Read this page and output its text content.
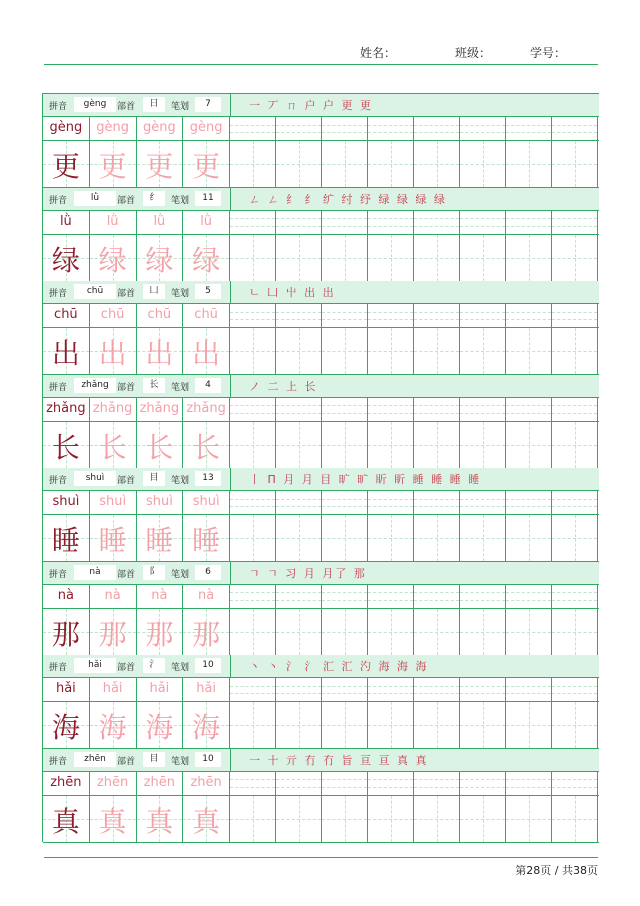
姓名：	班级：	学号：
拼音	gèng	部首	日	笔划	7	一 丆 ㄇ 户 户 更 更
gèng	gèng	gèng	gèng
更 更 更 更
拼音	lǜ	部首	纟	笔划	11	ㄥ ㄥ 纟 纟 纩 纣 纾 绿 绿 绿 绿
lǜ	lǜ	lǜ	lǜ
绿 绿 绿 绿
拼音	chū	部首	凵	笔划	5	ㄴ 凵 屮 出 出
chū	chū	chū	chū
出 出 出 出
拼音	zhǎng 部首	长	笔划	4	ノ 二 上 长
zhǎng zhǎng zhǎng zhǎng
长 长 长 长
拼音	shuì	部首	目	笔划	13	丨 П 月 月 目 旷 旷 盺 盺 睡 睡 睡 睡
shuì	shuì	shuì	shuì
睡 睡 睡 睡
拼音	nà	部首	阝	笔划	6	ㄱ ㄱ 习 月 月了 那
nà	nà	nà	nà
那 那 那 那
拼音	hǎi	部首	氵	笔划	10	丶 丶 氵 氵 汇 汇 汋 海 海 海
hǎi	hǎi	hǎi	hǎi
海 海 海 海
拼音	zhēn	部首	目	笔划	10	一 十 亓 冇 冇 旨 亘 亘 真 真
zhēn	zhēn	zhēn	zhēn
真 真 真 真
第28页 / 共38页
